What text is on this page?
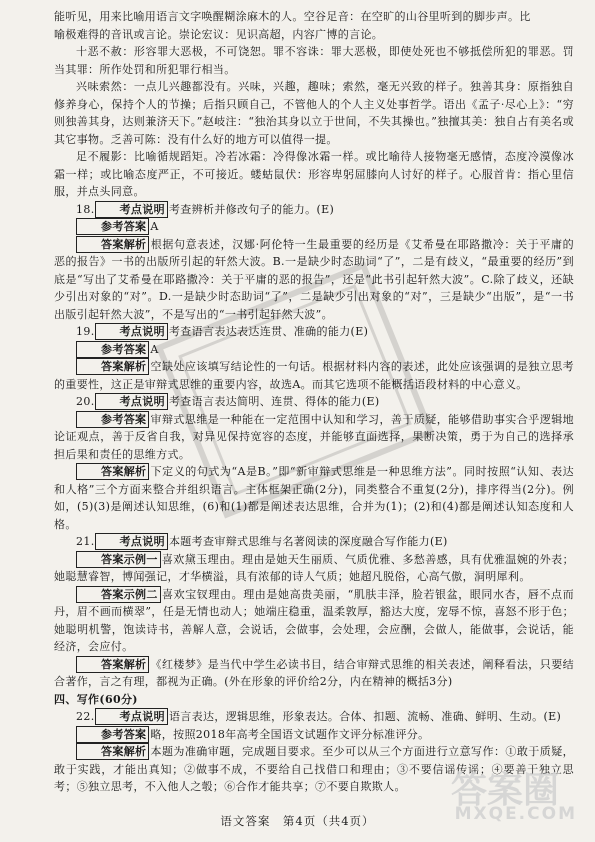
能听见，用来比喻用语言文字唤醒糊涂麻木的人。空谷足音：在空旷的山谷里听到的脚步声。比

喻极难得的音讯或言论。崇论宏议：见识高超，内容广博的言论。

十恶不赦：形容罪大恶极，不可饶恕。罪不容诛：罪大恶极，即使处死也不够抵偿所犯的罪恶。罚当其罪：所作处罚和所犯罪行相当。

兴味索然：一点儿兴趣都没有。兴味，兴趣，趣味；索然，毫无兴致的样子。独善其身：原指独自修养身心，保持个人的节操；后指只顾自己，不管他人的个人主义处事哲学。语出《孟子·尽心上》：“穷则独善其身，达则兼济天下。”赵岐注：“独治其身以立于世间，不失其操也。”独擅其美：独自占有美名或其它事物。乏善可陈：没有什么好的地方可以值得一提。

足不履影：比喻循规蹈矩。冷若冰霜：冷得像冰霜一样。或比喻待人接物毫无感情，态度冷漠像冰霜一样；或比喻态度严正，不可接近。蝼蛄鼠伏：形容卑躬屈膝向人讨好的样子。心服首肯：指心里信服，并点头同意。

18. 考点说明 考查辨析并修改句子的能力。(E)

参考答案 A

答案解析 根据句意表述，汉娜·阿伦特一生最重要的经历是《艾希曼在耶路撒冷：关于平庸的恶的报告》一书的出版所引起的轩然大波。B.一是缺少时态助词“了”，二是有歧义，“最重要的经历”到底是“写出了艾希曼在耶路撒冷：关于平庸的恶的报告”，还是“此书引起轩然大波”。C.除了歧义，还缺少引出对象的“对”。D.一是缺少时态助词“了”，二是缺少引出对象的“对”，三是缺少“出版”，是“一书出版引起轩然大波”，不是写出的“一书引起轩然大波”。

19. 考点说明 考查语言表达表达连贯、准确的能力(E)

参考答案 A

答案解析 空缺处应该填写结论性的一句话。根据材料内容的表述，此处应该强调的是独立思考的重要性，这正是审辩式思维的重要内容，故选A。而其它选项不能概括语段材料的中心意义。

20. 考点说明 考查语言表达简明、连贯、得体的能力(E)

参考答案 审辩式思维是一种能在一定范围中认知和学习，善于质疑，能够借助事实合乎逻辑地论证观点，善于反省自我，对异见保持宽容的态度，并能够直面选择，果断决策，勇于为自己的选择承担后果和责任的思维方式。

答案解析 下定义的句式为“A是B。”即“新审辩式思维是一种思维方法”。同时按照“认知、表达和人格”三个方面来整合并组织语言。主体框架正确(2分)，同类整合不重复(2分)，排序得当(2分)。例如，(5)(3)是阐述认知思维，(6)和(1)都是阐述表达思维，合并为(1)；(2)和(4)都是阐述认知态度和人格。

21. 考点说明 本题考查审辩式思维与名著阅读的深度融合写作能力(E)

答案示例一 喜欢黛玉理由。理由是她天生丽质、气质优雅、多愁善感，具有优雅温婉的外表；她聪慧睿智，博闻强记，才华横溢，具有浓郁的诗人气质；她超凡脱俗，心高气傲，洞明犀利。

答案示例二 喜欢宝钗理由。理由是她高贵美丽，“肌肤丰泽，脸若银盆，眼同水杏，唇不点而丹，眉不画而横翠”，任是无情也动人；她端庄稳重，温柔敦厚，豁达大度，宠辱不惊，喜怒不形于色；她聪明机警，饱读诗书，善解人意，会说话，会做事，会处理，会应酬，会做人，能做事，会说话，能经济，会应付。

答案解析 《红楼梦》是当代中学生必读书目，结合审辩式思维的相关表述，阐释看法，只要结合著作，言之有理，都视为正确。(外在形象的评价给2分，内在精神的概括3分)

四、写作(60分)

22. 考点说明 语言表达，逻辑思维，形象表达。合体、扣题、流畅、准确、鲜明、生动。(E)

参考答案 略，按照2018年高考全国语文试题作文评分标准评分。

答案解析 本题为准确审题，完成题目要求。至少可以从三个方面进行立意写作：①敢于质疑，敢于实践，才能出真知；②做事不成，不要给自己找借口和理由；③不要信谣传谣；④要善于独立思考；⑤独立思考，不入他人之彀；⑥合作才能共享；⑦不要自欺欺人。

语文答案　第4页（共4页）
答案圈
MXQE.COM
